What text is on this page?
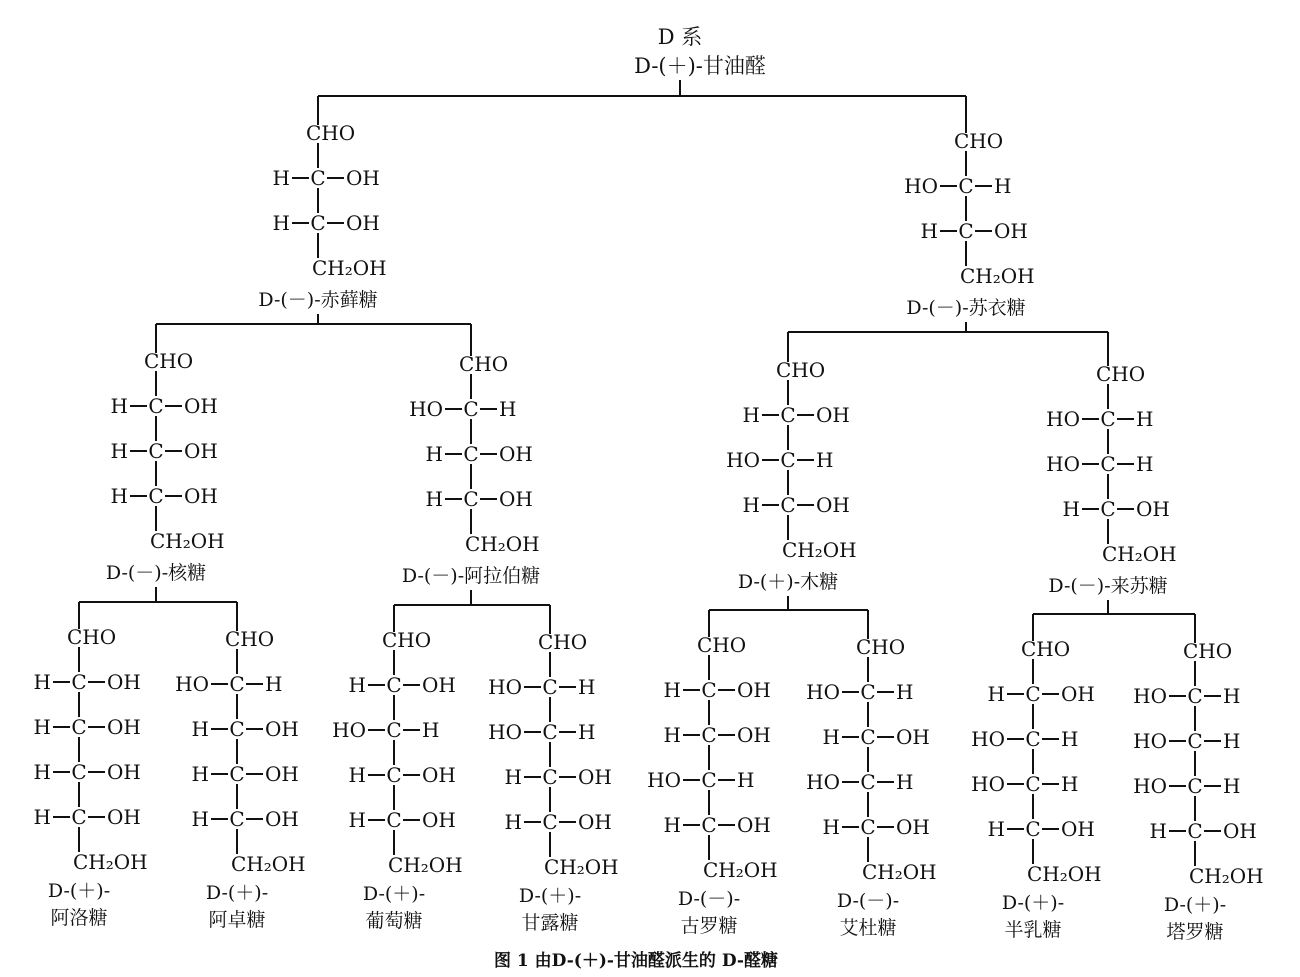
D 系
D-(＋)-甘油醛
CHO
C
H	OH
C
H	OH
CH₂OH
D-(－)-赤藓糖
CHO
C
HO	H
C
H	OH
CH₂OH
D-(－)-苏衣糖
CHO
C
H	OH
C
H	OH
C
H	OH
CH₂OH
D-(－)-核糖
CHO
C
HO	H
C
H	OH
C
H	OH
CH₂OH
D-(－)-阿拉伯糖
CHO
C
H	OH
C
HO	H
C
H	OH
CH₂OH
D-(＋)-木糖
CHO
C
HO	H
C
HO	H
C
H	OH
CH₂OH
D-(－)-来苏糖
CHO
C
H	OH
C
H	OH
C
H	OH
C
H	OH
CH₂OH
D-(＋)-
阿洛糖
CHO
C
HO	H
C
H	OH
C
H	OH
C
H	OH
CH₂OH
D-(＋)-
阿卓糖
CHO
C
H	OH
C
HO	H
C
H	OH
C
H	OH
CH₂OH
D-(＋)-
葡萄糖
CHO
C
HO	H
C
HO	H
C
H	OH
C
H	OH
CH₂OH
D-(＋)-
甘露糖
CHO
C
H	OH
C
H	OH
C
HO	H
C
H	OH
CH₂OH
D-(－)-
古罗糖
CHO
C
HO	H
C
H	OH
C
HO	H
C
H	OH
CH₂OH
D-(－)-
艾杜糖
CHO
C
H	OH
C
HO	H
C
HO	H
C
H	OH
CH₂OH
D-(＋)-
半乳糖
CHO
C
HO	H
C
HO	H
C
HO	H
C
H	OH
CH₂OH
D-(＋)-
塔罗糖
图 1 由D-(＋)-甘油醛派生的 D-醛糖
